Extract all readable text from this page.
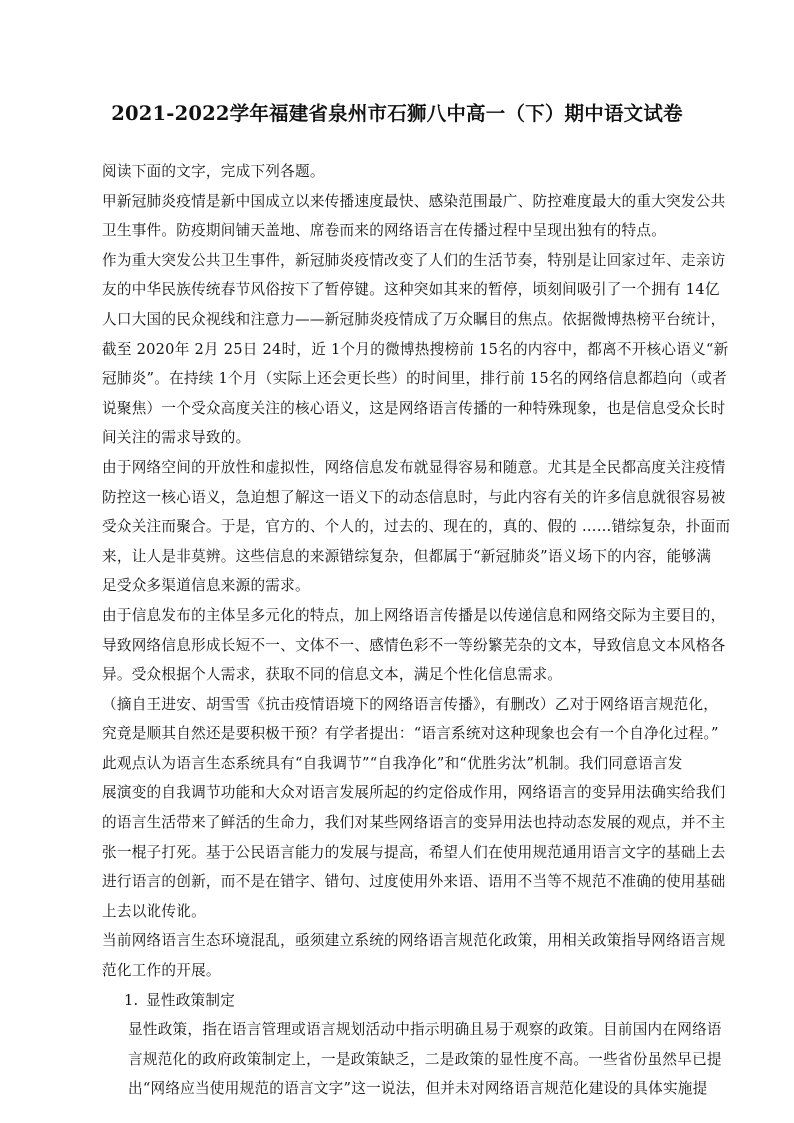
2021-2022学年福建省泉州市石狮八中高一（下）期中语文试卷
阅读下面的文字，完成下列各题。
甲新冠肺炎疫情是新中国成立以来传播速度最快、感染范围最广、防控难度最大的重大突发公共
卫生事件。防疫期间铺天盖地、席卷而来的网络语言在传播过程中呈现出独有的特点。
作为重大突发公共卫生事件，新冠肺炎疫情改变了人们的生活节奏，特别是让回家过年、走亲访
友的中华民族传统春节风俗按下了暂停键。这种突如其来的暂停，顷刻间吸引了一个拥有 14亿
人口大国的民众视线和注意力——新冠肺炎疫情成了万众瞩目的焦点。依据微博热榜平台统计，
截至 2020年 2月 25日 24时，近 1个月的微博热搜榜前 15名的内容中，都离不开核心语义“新
冠肺炎”。在持续 1个月（实际上还会更长些）的时间里，排行前 15名的网络信息都趋向（或者
说聚焦）一个受众高度关注的核心语义，这是网络语言传播的一种特殊现象，也是信息受众长时
间关注的需求导致的。
由于网络空间的开放性和虚拟性，网络信息发布就显得容易和随意。尤其是全民都高度关注疫情
防控这一核心语义，急迫想了解这一语义下的动态信息时，与此内容有关的许多信息就很容易被
受众关注而聚合。于是，官方的、个人的，过去的、现在的，真的、假的 ……错综复杂，扑面而
来，让人是非莫辨。这些信息的来源错综复杂，但都属于“新冠肺炎”语义场下的内容，能够满
足受众多渠道信息来源的需求。
由于信息发布的主体呈多元化的特点，加上网络语言传播是以传递信息和网络交际为主要目的，
导致网络信息形成长短不一、文体不一、感情色彩不一等纷繁芜杂的文本，导致信息文本风格各
异。受众根据个人需求，获取不同的信息文本，满足个性化信息需求。
（摘自王进安、胡雪雪《抗击疫情语境下的网络语言传播》，有删改）乙对于网络语言规范化，
究竟是顺其自然还是要积极干预？有学者提出：“语言系统对这种现象也会有一个自净化过程。”
此观点认为语言生态系统具有“自我调节”“自我净化”和“优胜劣汰”机制。我们同意语言发
展演变的自我调节功能和大众对语言发展所起的约定俗成作用，网络语言的变异用法确实给我们
的语言生活带来了鲜活的生命力，我们对某些网络语言的变异用法也持动态发展的观点，并不主
张一棍子打死。基于公民语言能力的发展与提高，希望人们在使用规范通用语言文字的基础上去
进行语言的创新，而不是在错字、错句、过度使用外来语、语用不当等不规范不准确的使用基础
上去以讹传讹。
当前网络语言生态环境混乱，亟须建立系统的网络语言规范化政策，用相关政策指导网络语言规
范化工作的开展。
1. 显性政策制定
显性政策，指在语言管理或语言规划活动中指示明确且易于观察的政策。目前国内在网络语
言规范化的政府政策制定上，一是政策缺乏，二是政策的显性度不高。一些省份虽然早已提
出“网络应当使用规范的语言文字”这一说法，但并未对网络语言规范化建设的具体实施提
